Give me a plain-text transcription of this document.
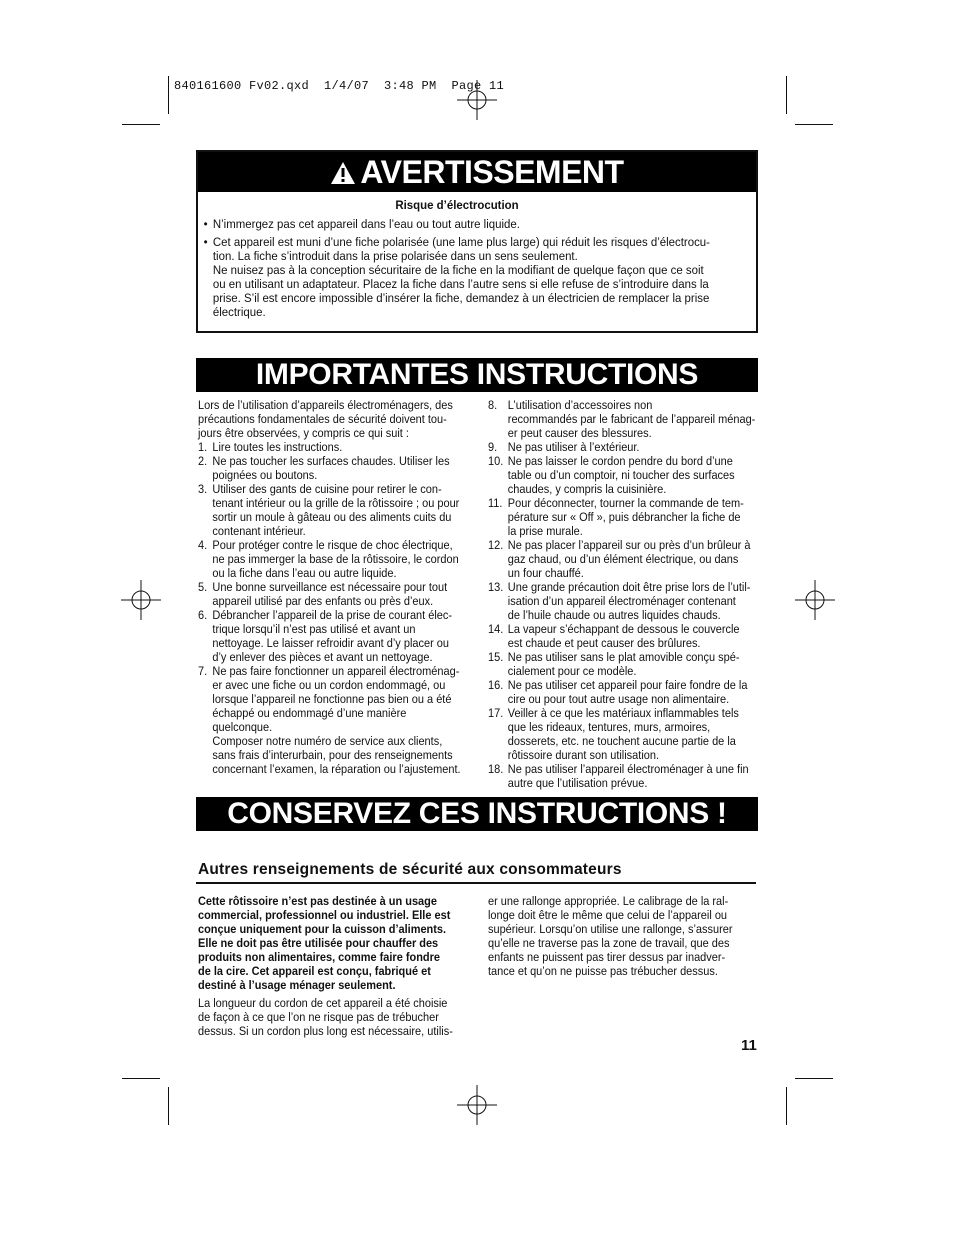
840161600 Fv02.qxd  1/4/07  3:48 PM  Page 11
AVERTISSEMENT

Risque d’électrocution

• N’immergez pas cet appareil dans l’eau ou tout autre liquide.

• Cet appareil est muni d’une fiche polarisée (une lame plus large) qui réduit les risques d’électrocu-
tion. La fiche s’introduit dans la prise polarisée dans un sens seulement.
Ne nuisez pas à la conception sécuritaire de la fiche en la modifiant de quelque façon que ce soit
ou en utilisant un adaptateur. Placez la fiche dans l’autre sens si elle refuse de s’introduire dans la
prise. S’il est encore impossible d’insérer la fiche, demandez à un électricien de remplacer la prise
électrique.

IMPORTANTES INSTRUCTIONS

Lors de l’utilisation d’appareils électroménagers, des
précautions fondamentales de sécurité doivent tou-
jours être observées, y compris ce qui suit :

1. Lire toutes les instructions.
2. Ne pas toucher les surfaces chaudes. Utiliser les
poignées ou boutons.
3. Utiliser des gants de cuisine pour retirer le con-
tenant intérieur ou la grille de la rôtissoire ; ou pour
sortir un moule à gâteau ou des aliments cuits du
contenant intérieur.
4. Pour protéger contre le risque de choc électrique,
ne pas immerger la base de la rôtissoire, le cordon
ou la fiche dans l’eau ou autre liquide.
5. Une bonne surveillance est nécessaire pour tout
appareil utilisé par des enfants ou près d’eux.
6. Débrancher l’appareil de la prise de courant élec-
trique lorsqu’il n’est pas utilisé et avant un
nettoyage. Le laisser refroidir avant d’y placer ou
d’y enlever des pièces et avant un nettoyage.
7. Ne pas faire fonctionner un appareil électroménag-
er avec une fiche ou un cordon endommagé, ou
lorsque l’appareil ne fonctionne pas bien ou a été
échappé ou endommagé d’une manière quelconque.
Composer notre numéro de service aux clients,
sans frais d’interurbain, pour des renseignements
concernant l’examen, la réparation ou l’ajustement.
8. L’utilisation d’accessoires non
recommandés par le fabricant de l’appareil ménag-
er peut causer des blessures.
9. Ne pas utiliser à l’extérieur.
10. Ne pas laisser le cordon pendre du bord d’une
table ou d’un comptoir, ni toucher des surfaces
chaudes, y compris la cuisinière.
11. Pour déconnecter, tourner la commande de tem-
pérature sur « Off », puis débrancher la fiche de
la prise murale.
12. Ne pas placer l’appareil sur ou près d’un brûleur à
gaz chaud, ou d’un élément électrique, ou dans
un four chauffé.
13. Une grande précaution doit être prise lors de l’util-
isation d’un appareil électroménager contenant
de l’huile chaude ou autres liquides chauds.
14. La vapeur s’échappant de dessous le couvercle
est chaude et peut causer des brûlures.
15. Ne pas utiliser sans le plat amovible conçu spé-
cialement pour ce modèle.
16. Ne pas utiliser cet appareil pour faire fondre de la
cire ou pour tout autre usage non alimentaire.
17. Veiller à ce que les matériaux inflammables tels
que les rideaux, tentures, murs, armoires,
dosserets, etc. ne touchent aucune partie de la
rôtissoire durant son utilisation.
18. Ne pas utiliser l’appareil électroménager à une fin
autre que l’utilisation prévue.
CONSERVEZ CES INSTRUCTIONS !
Autres renseignements de sécurité aux consommateurs

Cette rôtissoire n’est pas destinée à un usage
commercial, professionnel ou industriel. Elle est
conçue uniquement pour la cuisson d’aliments.
Elle ne doit pas être utilisée pour chauffer des
produits non alimentaires, comme faire fondre
de la cire. Cet appareil est conçu, fabriqué et
destiné à l’usage ménager seulement.

La longueur du cordon de cet appareil a été choisie
de façon à ce que l’on ne risque pas de trébucher
dessus. Si un cordon plus long est nécessaire, utilis-

er une rallonge appropriée. Le calibrage de la ral-
longe doit être le même que celui de l’appareil ou
supérieur. Lorsqu’on utilise une rallonge, s’assurer
qu’elle ne traverse pas la zone de travail, que des
enfants ne puissent pas tirer dessus par inadver-
tance et qu’on ne puisse pas trébucher dessus.

11
